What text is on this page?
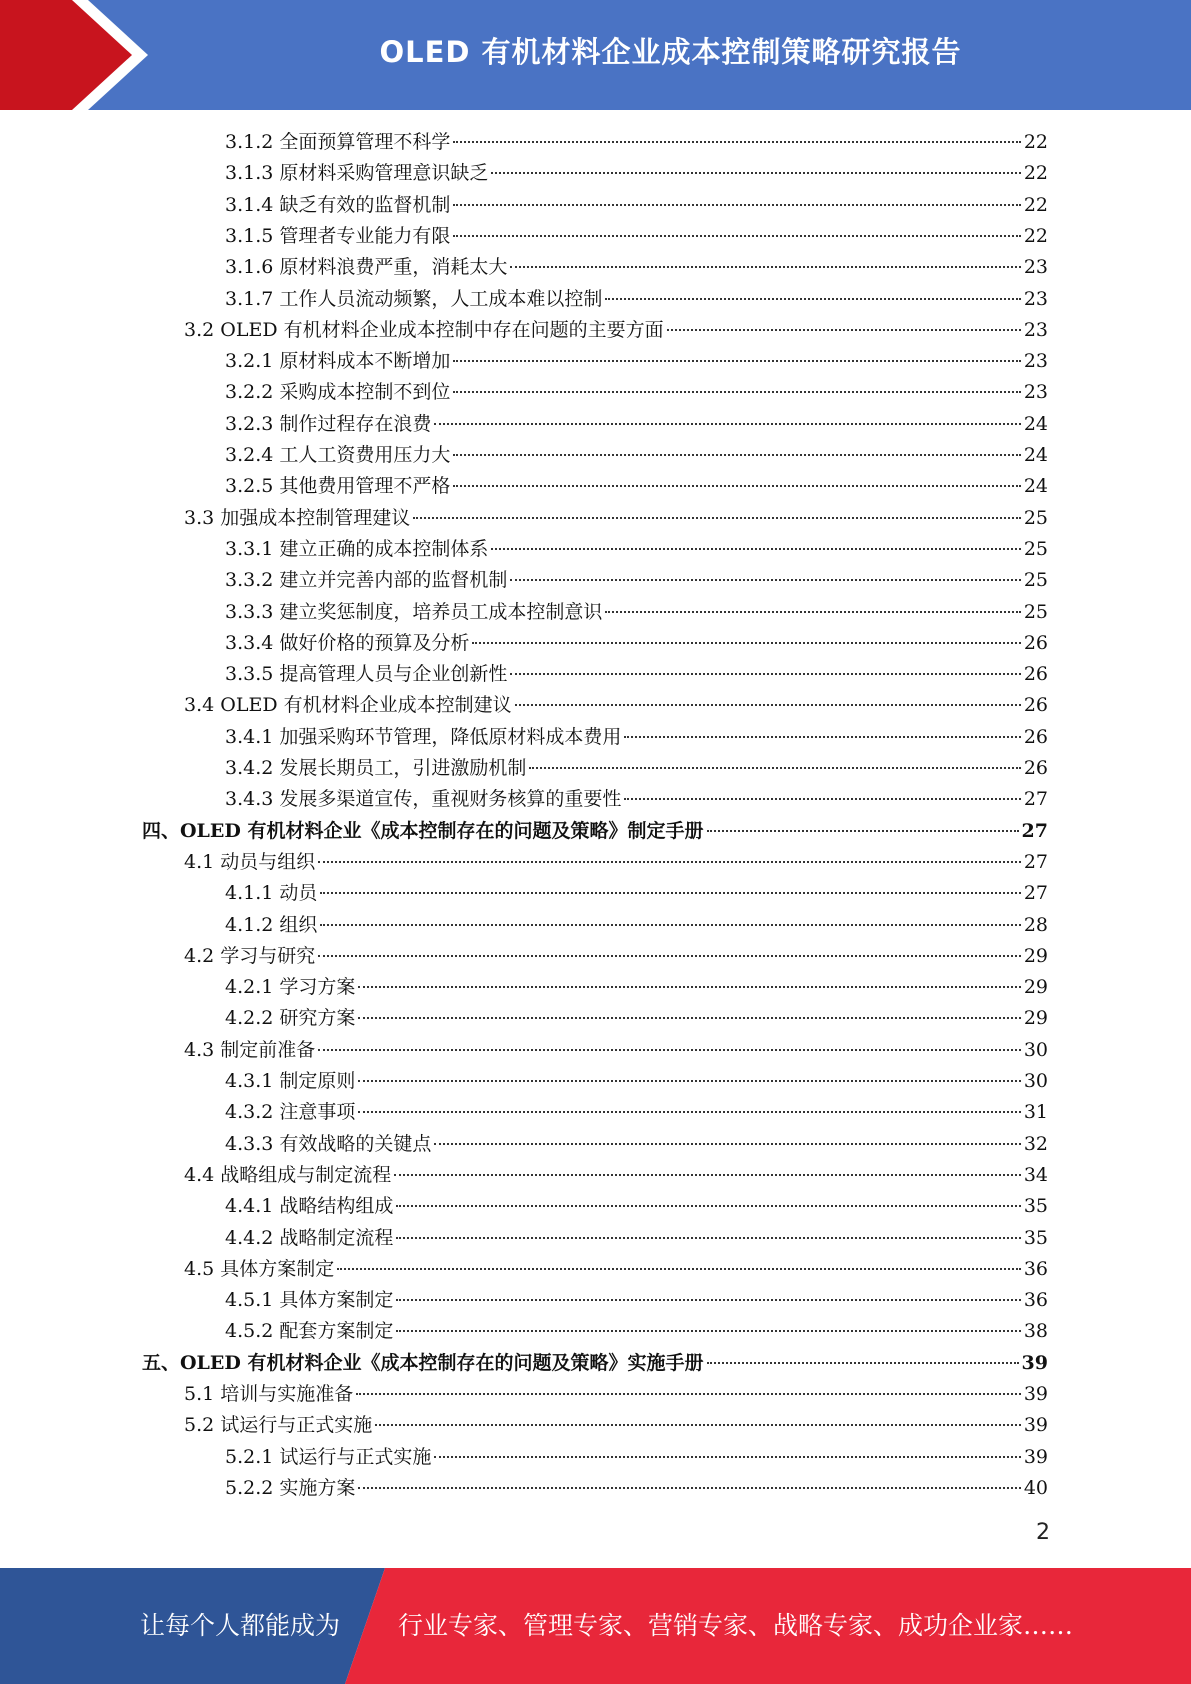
OLED 有机材料企业成本控制策略研究报告
3.1.2 全面预算管理不科学	22
3.1.3 原材料采购管理意识缺乏	22
3.1.4 缺乏有效的监督机制	22
3.1.5 管理者专业能力有限	22
3.1.6 原材料浪费严重，消耗太大	23
3.1.7 工作人员流动频繁，人工成本难以控制	23
3.2 OLED 有机材料企业成本控制中存在问题的主要方面	23
3.2.1 原材料成本不断增加	23
3.2.2 采购成本控制不到位	23
3.2.3 制作过程存在浪费	24
3.2.4 工人工资费用压力大	24
3.2.5 其他费用管理不严格	24
3.3 加强成本控制管理建议	25
3.3.1 建立正确的成本控制体系	25
3.3.2 建立并完善内部的监督机制	25
3.3.3 建立奖惩制度，培养员工成本控制意识	25
3.3.4 做好价格的预算及分析	26
3.3.5 提高管理人员与企业创新性	26
3.4 OLED 有机材料企业成本控制建议	26
3.4.1 加强采购环节管理，降低原材料成本费用	26
3.4.2 发展长期员工，引进激励机制	26
3.4.3 发展多渠道宣传，重视财务核算的重要性	27
四、OLED 有机材料企业《成本控制存在的问题及策略》制定手册	27
4.1 动员与组织	27
4.1.1 动员	27
4.1.2 组织	28
4.2 学习与研究	29
4.2.1 学习方案	29
4.2.2 研究方案	29
4.3 制定前准备	30
4.3.1 制定原则	30
4.3.2 注意事项	31
4.3.3 有效战略的关键点	32
4.4 战略组成与制定流程	34
4.4.1 战略结构组成	35
4.4.2 战略制定流程	35
4.5 具体方案制定	36
4.5.1 具体方案制定	36
4.5.2 配套方案制定	38
五、OLED 有机材料企业《成本控制存在的问题及策略》实施手册	39
5.1 培训与实施准备	39
5.2 试运行与正式实施	39
5.2.1 试运行与正式实施	39
5.2.2 实施方案	40
2
让每个人都能成为 行业专家、管理专家、营销专家、战略专家、成功企业家……
